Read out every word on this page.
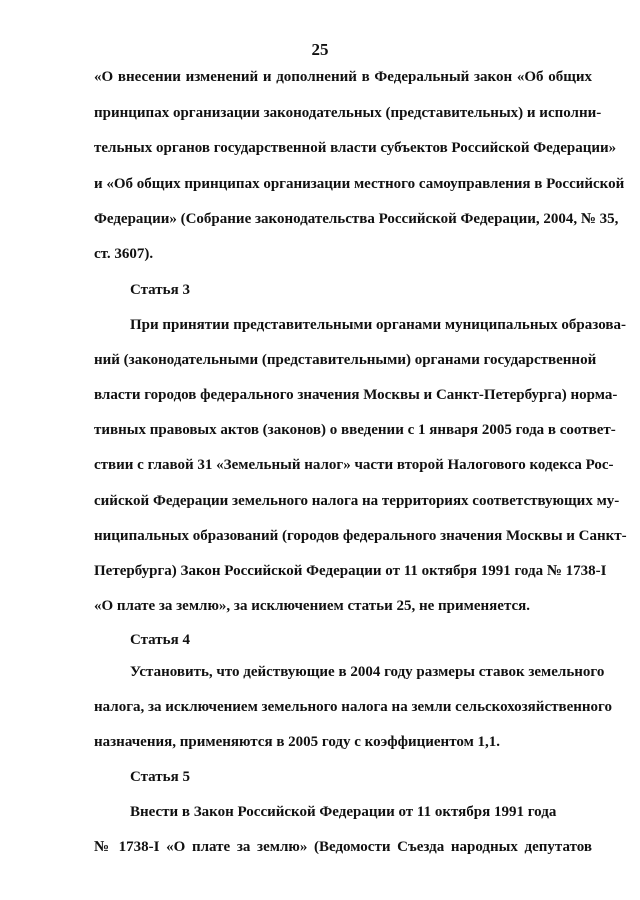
25
«О внесении изменений и дополнений в Федеральный закон «Об общих
принципах организации законодательных (представительных) и исполни-
тельных органов государственной власти субъектов Российской Федерации»
и «Об общих принципах организации местного самоуправления в Российской
Федерации» (Собрание законодательства Российской Федерации, 2004, № 35,
ст. 3607).
Статья 3
При принятии представительными органами муниципальных образова-
ний (законодательными (представительными) органами государственной
власти городов федерального значения Москвы и Санкт-Петербурга) норма-
тивных правовых актов (законов) о введении с 1 января 2005 года в соответ-
ствии с главой 31 «Земельный налог» части второй Налогового кодекса Рос-
сийской Федерации земельного налога на территориях соответствующих му-
ниципальных образований (городов федерального значения Москвы и Санкт-
Петербурга) Закон Российской Федерации от 11 октября 1991 года № 1738-I
«О плате за землю», за исключением статьи 25, не применяется.
Статья 4
Установить, что действующие в 2004 году размеры ставок земельного
налога, за исключением земельного налога на земли сельскохозяйственного
назначения, применяются в 2005 году с коэффициентом 1,1.
Статья 5
Внести в Закон Российской Федерации от 11 октября 1991 года
№ 1738-I «О плате за землю» (Ведомости Съезда народных депутатов
